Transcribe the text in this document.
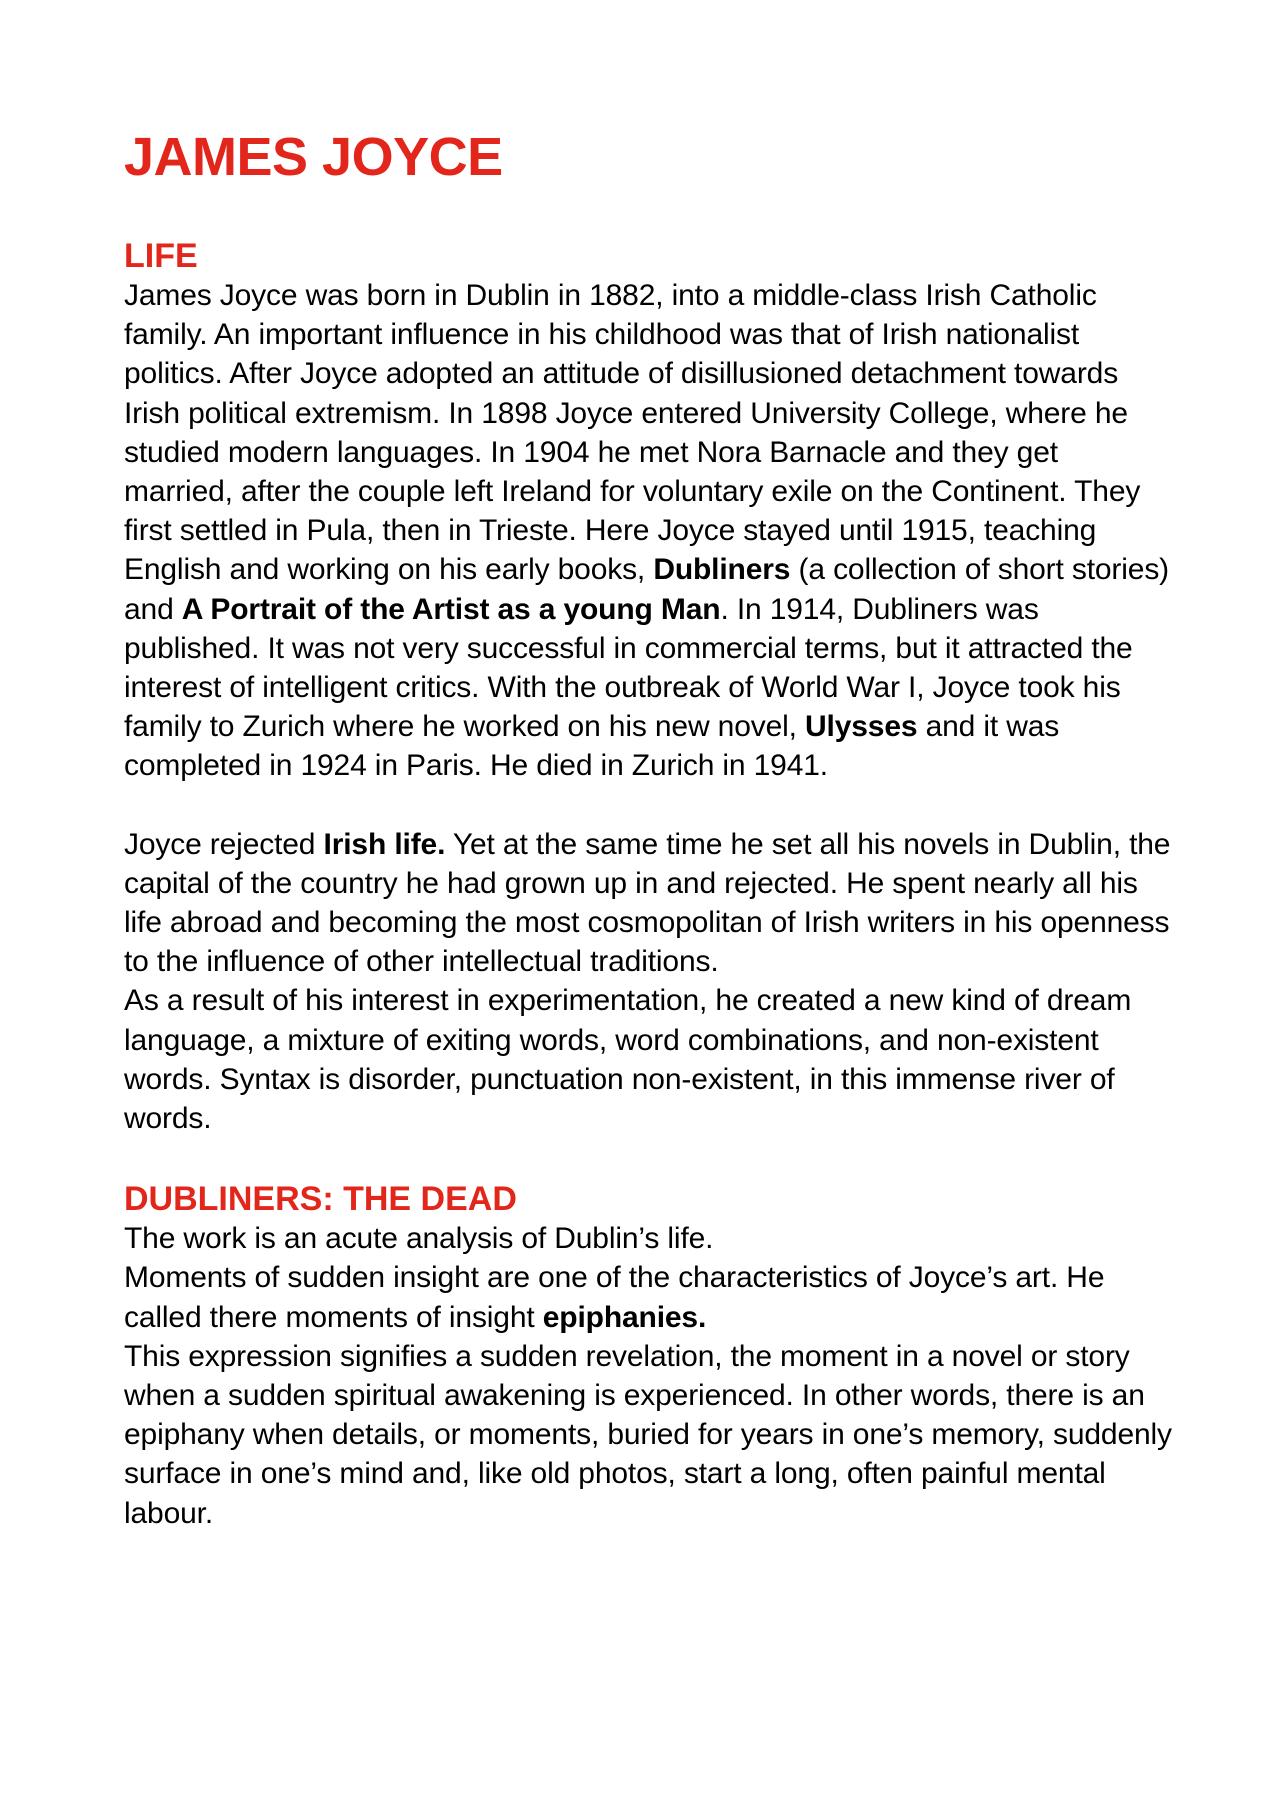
JAMES JOYCE
LIFE

James Joyce was born in Dublin in 1882, into a middle-class Irish Catholic family. An important influence in his childhood was that of Irish nationalist politics. After Joyce adopted an attitude of disillusioned detachment towards Irish political extremism. In 1898 Joyce entered University College, where he studied modern languages. In 1904 he met Nora Barnacle and they get married, after the couple left Ireland for voluntary exile on the Continent. They first settled in Pula, then in Trieste. Here Joyce stayed until 1915, teaching English and working on his early books, Dubliners (a collection of short stories) and A Portrait of the Artist as a young Man. In 1914, Dubliners was published. It was not very successful in commercial terms, but it attracted the interest of intelligent critics. With the outbreak of World War I, Joyce took his family to Zurich where he worked on his new novel, Ulysses and it was completed in 1924 in Paris. He died in Zurich in 1941.

Joyce rejected Irish life. Yet at the same time he set all his novels in Dublin, the capital of the country he had grown up in and rejected. He spent nearly all his life abroad and becoming the most cosmopolitan of Irish writers in his openness to the influence of other intellectual traditions.

As a result of his interest in experimentation, he created a new kind of dream language, a mixture of exiting words, word combinations, and non-existent words. Syntax is disorder, punctuation non-existent, in this immense river of words.

DUBLINERS: THE DEAD

The work is an acute analysis of Dublin’s life.

Moments of sudden insight are one of the characteristics of Joyce’s art. He called there moments of insight epiphanies.

This expression signifies a sudden revelation, the moment in a novel or story when a sudden spiritual awakening is experienced. In other words, there is an epiphany when details, or moments, buried for years in one’s memory, suddenly surface in one’s mind and, like old photos, start a long, often painful mental labour.
